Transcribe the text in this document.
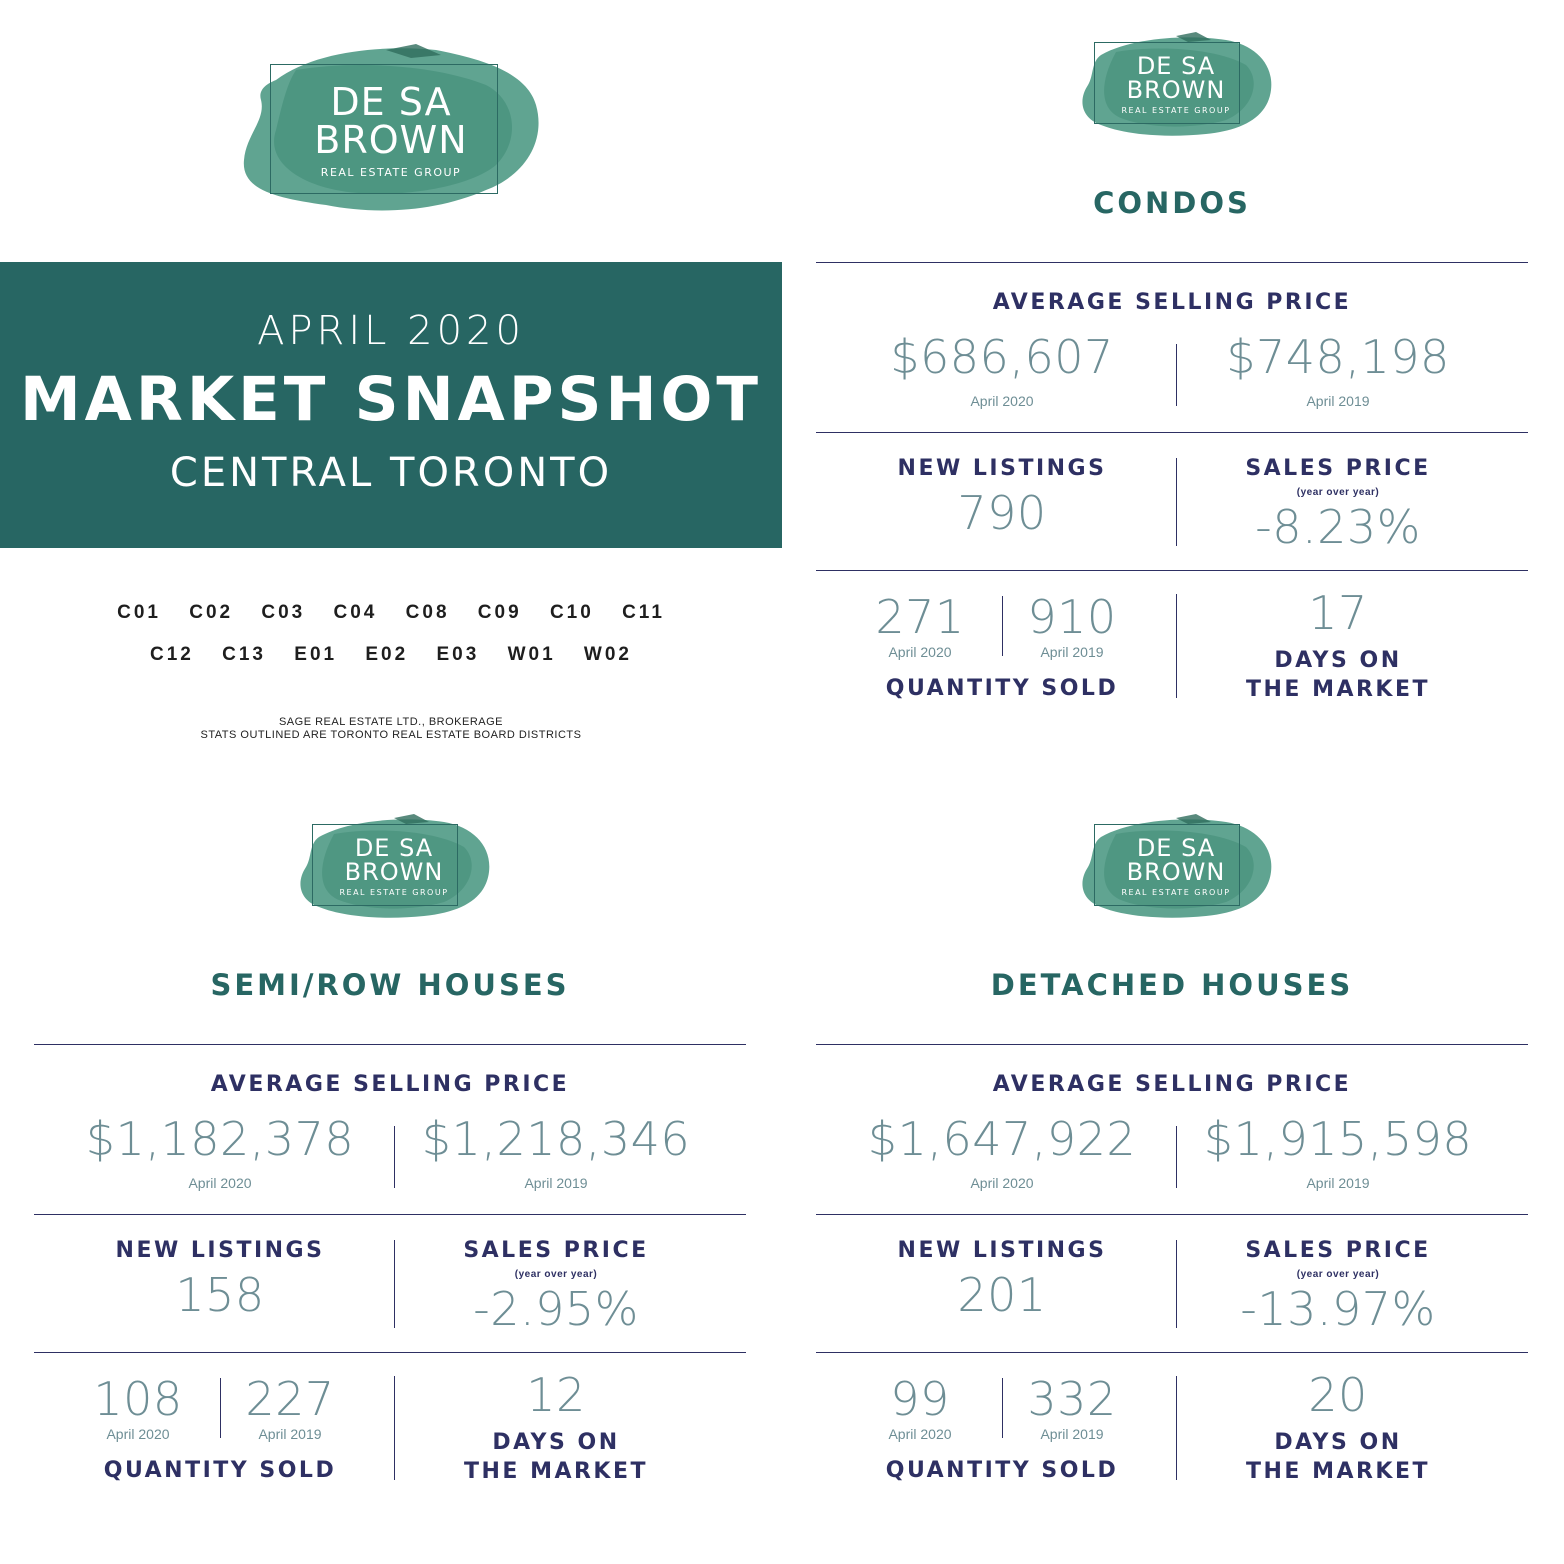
DE SA
BROWN
REAL ESTATE GROUP
APRIL 2020
MARKET SNAPSHOT
CENTRAL TORONTO
C01 C02 C03 C04 C08 C09 C10 C11
C12 C13 E01 E02 E03 W01 W02
SAGE REAL ESTATE LTD., BROKERAGE
STATS OUTLINED ARE TORONTO REAL ESTATE BOARD DISTRICTS
DE SA
BROWN
REAL ESTATE GROUP
CONDOS
AVERAGE SELLING PRICE
$686,607
April 2020
$748,198
April 2019
NEW LISTINGS
790
SALES PRICE
(year over year)
-8.23%
271
April 2020
910
April 2019
QUANTITY SOLD
17
DAYS ON
THE MARKET
DE SA
BROWN
REAL ESTATE GROUP
SEMI/ROW HOUSES
AVERAGE SELLING PRICE
$1,182,378
April 2020
$1,218,346
April 2019
NEW LISTINGS
158
SALES PRICE
(year over year)
-2.95%
108
April 2020
227
April 2019
QUANTITY SOLD
12
DAYS ON
THE MARKET
DE SA
BROWN
REAL ESTATE GROUP
DETACHED HOUSES
AVERAGE SELLING PRICE
$1,647,922
April 2020
$1,915,598
April 2019
NEW LISTINGS
201
SALES PRICE
(year over year)
-13.97%
99
April 2020
332
April 2019
QUANTITY SOLD
20
DAYS ON
THE MARKET
